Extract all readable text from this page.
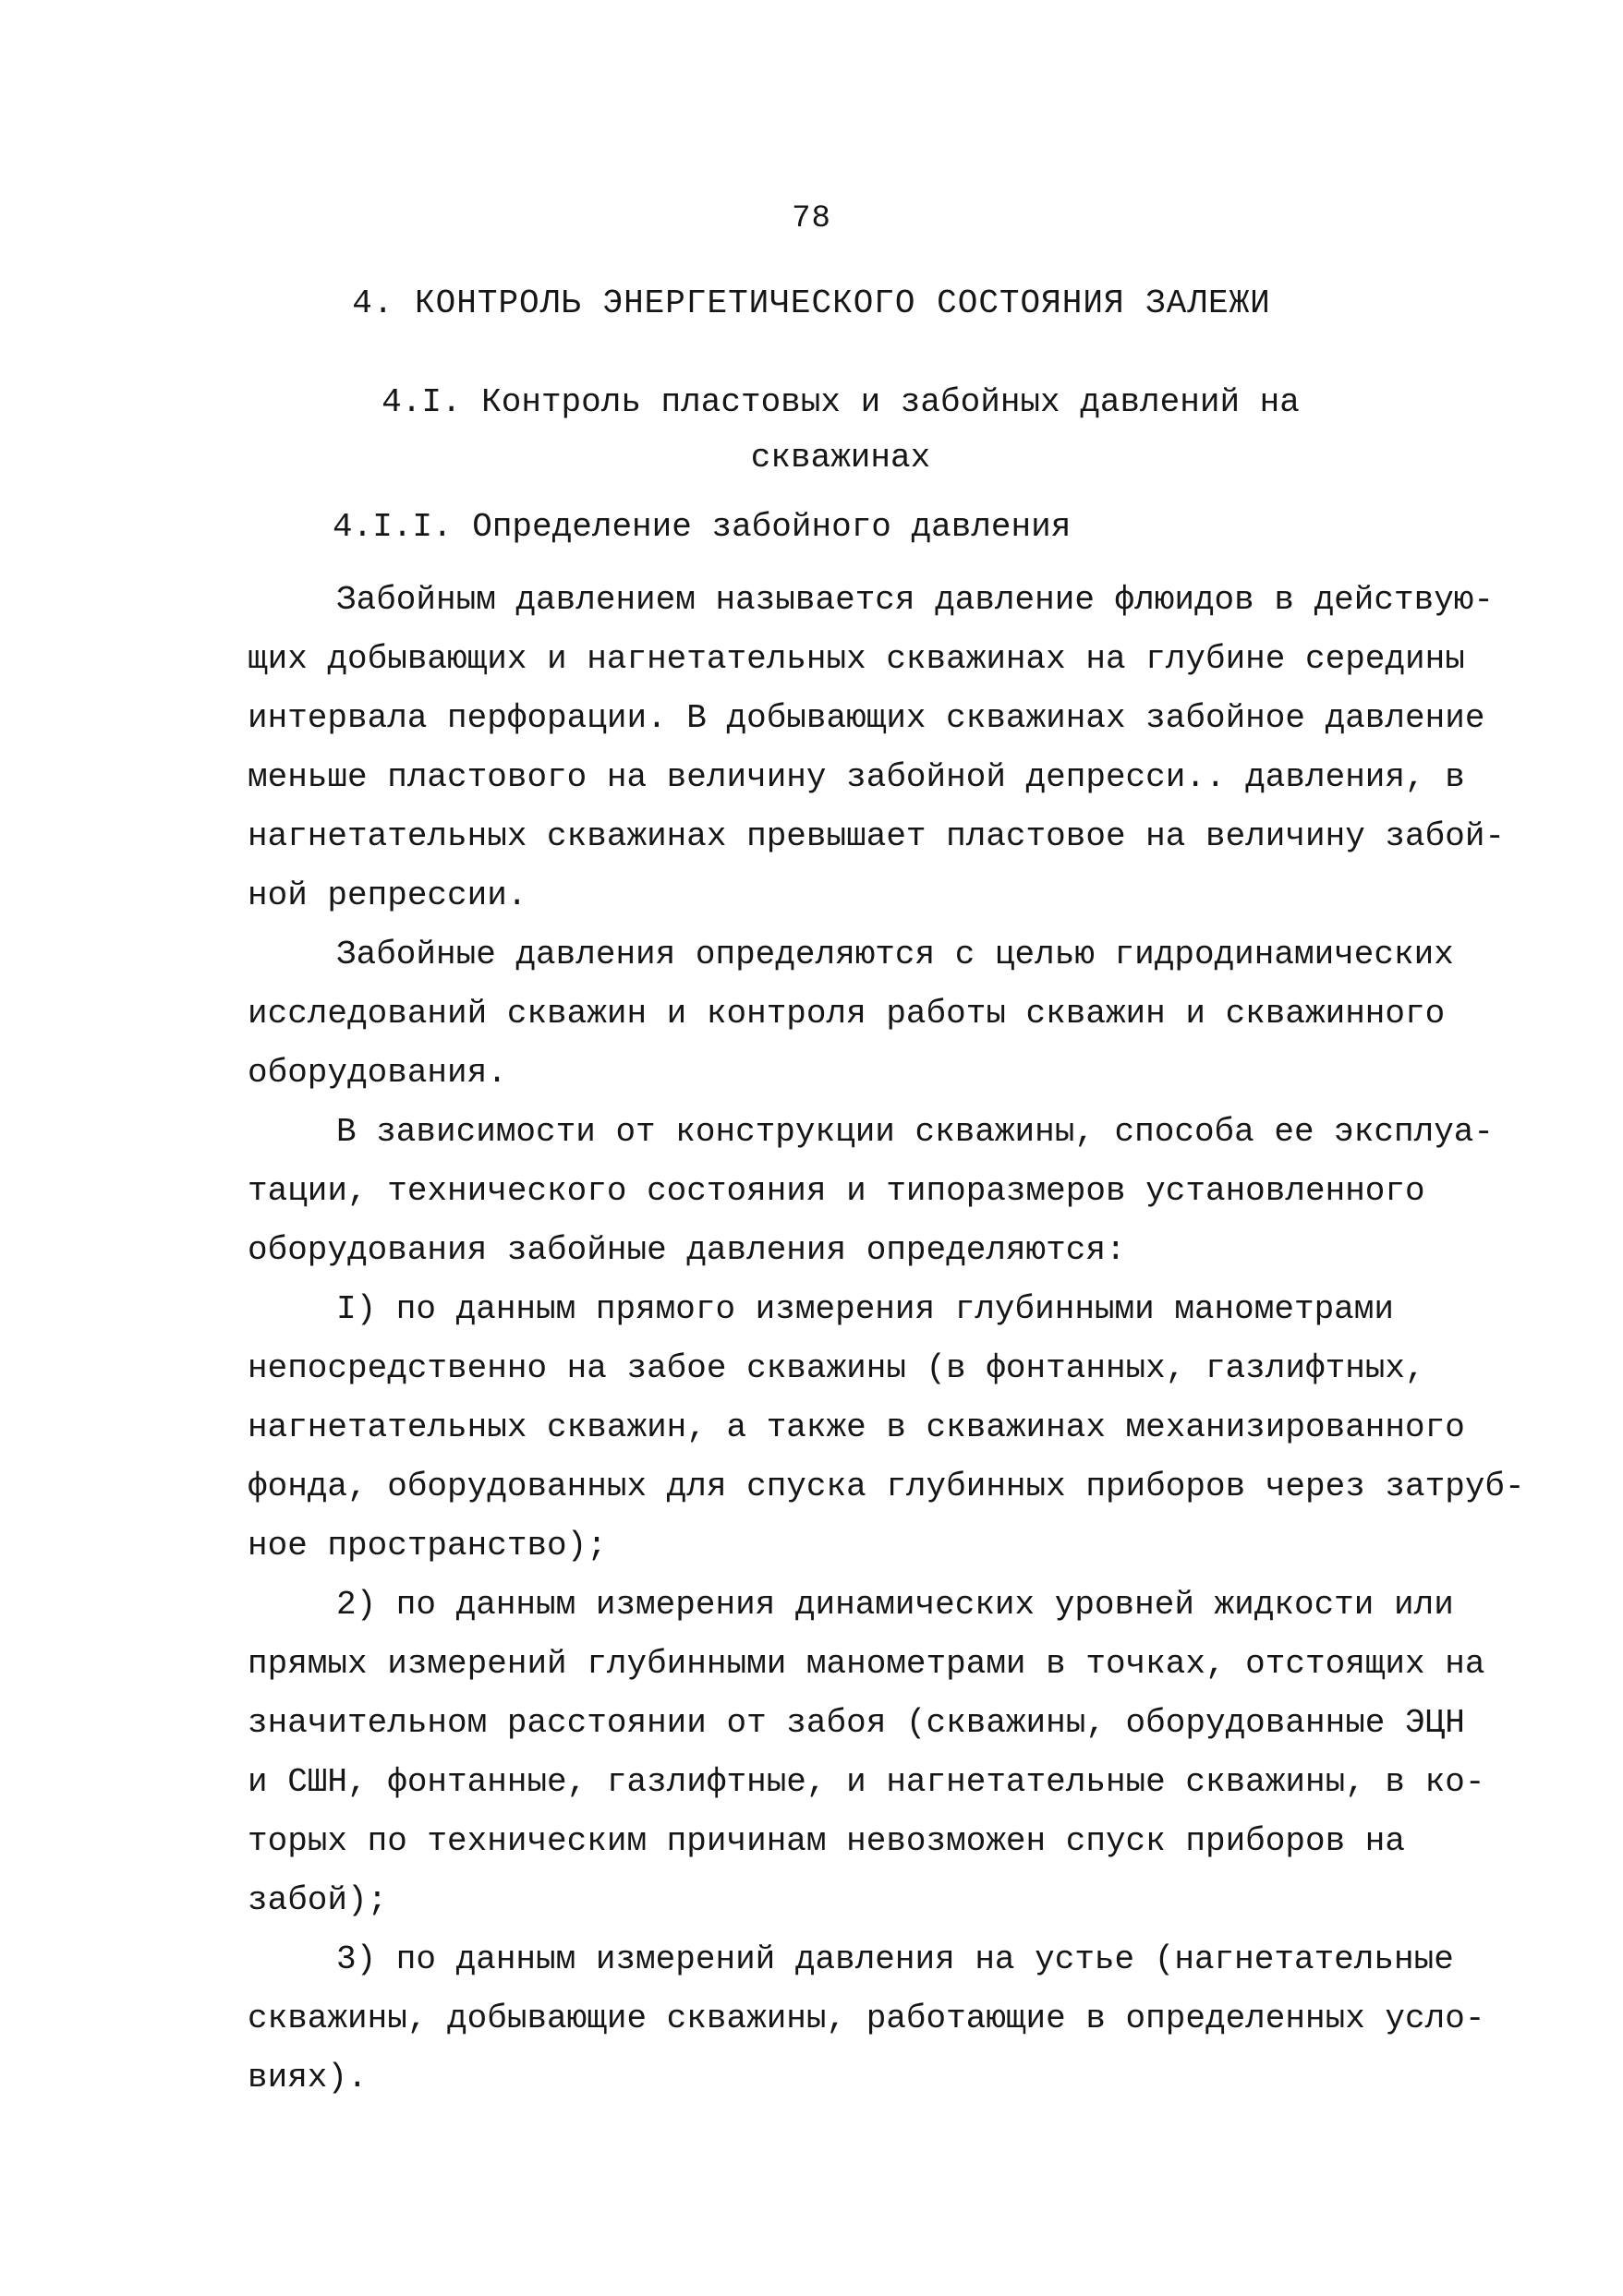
78
4. КОНТРОЛЬ ЭНЕРГЕТИЧЕСКОГО СОСТОЯНИЯ ЗАЛЕЖИ
4.I. Контроль пластовых и забойных давлений на
скважинах
4.I.I. Определение забойного давления
Забойным давлением называется давление флюидов в действую-
щих добывающих и нагнетательных скважинах на глубине середины
интервала перфорации. В добывающих скважинах забойное давление
меньше пластового на величину забойной депресси.. давления, в
нагнетательных скважинах превышает пластовое на величину забой-
ной репрессии.
Забойные давления определяются с целью гидродинамических
исследований скважин и контроля работы скважин и скважинного
оборудования.
В зависимости от конструкции скважины, способа ее эксплуа-
тации, технического состояния и типоразмеров установленного
оборудования забойные давления определяются:
I) по данным прямого измерения глубинными манометрами
непосредственно на забое скважины (в фонтанных, газлифтных,
нагнетательных скважин, а также в скважинах механизированного
фонда, оборудованных для спуска глубинных приборов через затруб-
ное пространство);
2) по данным измерения динамических уровней жидкости или
прямых измерений глубинными манометрами в точках, отстоящих на
значительном расстоянии от забоя (скважины, оборудованные ЭЦН
и СШН, фонтанные, газлифтные, и нагнетательные скважины, в ко-
торых по техническим причинам невозможен спуск приборов на
забой);
3) по данным измерений давления на устье (нагнетательные
скважины, добывающие скважины, работающие в определенных усло-
виях).
